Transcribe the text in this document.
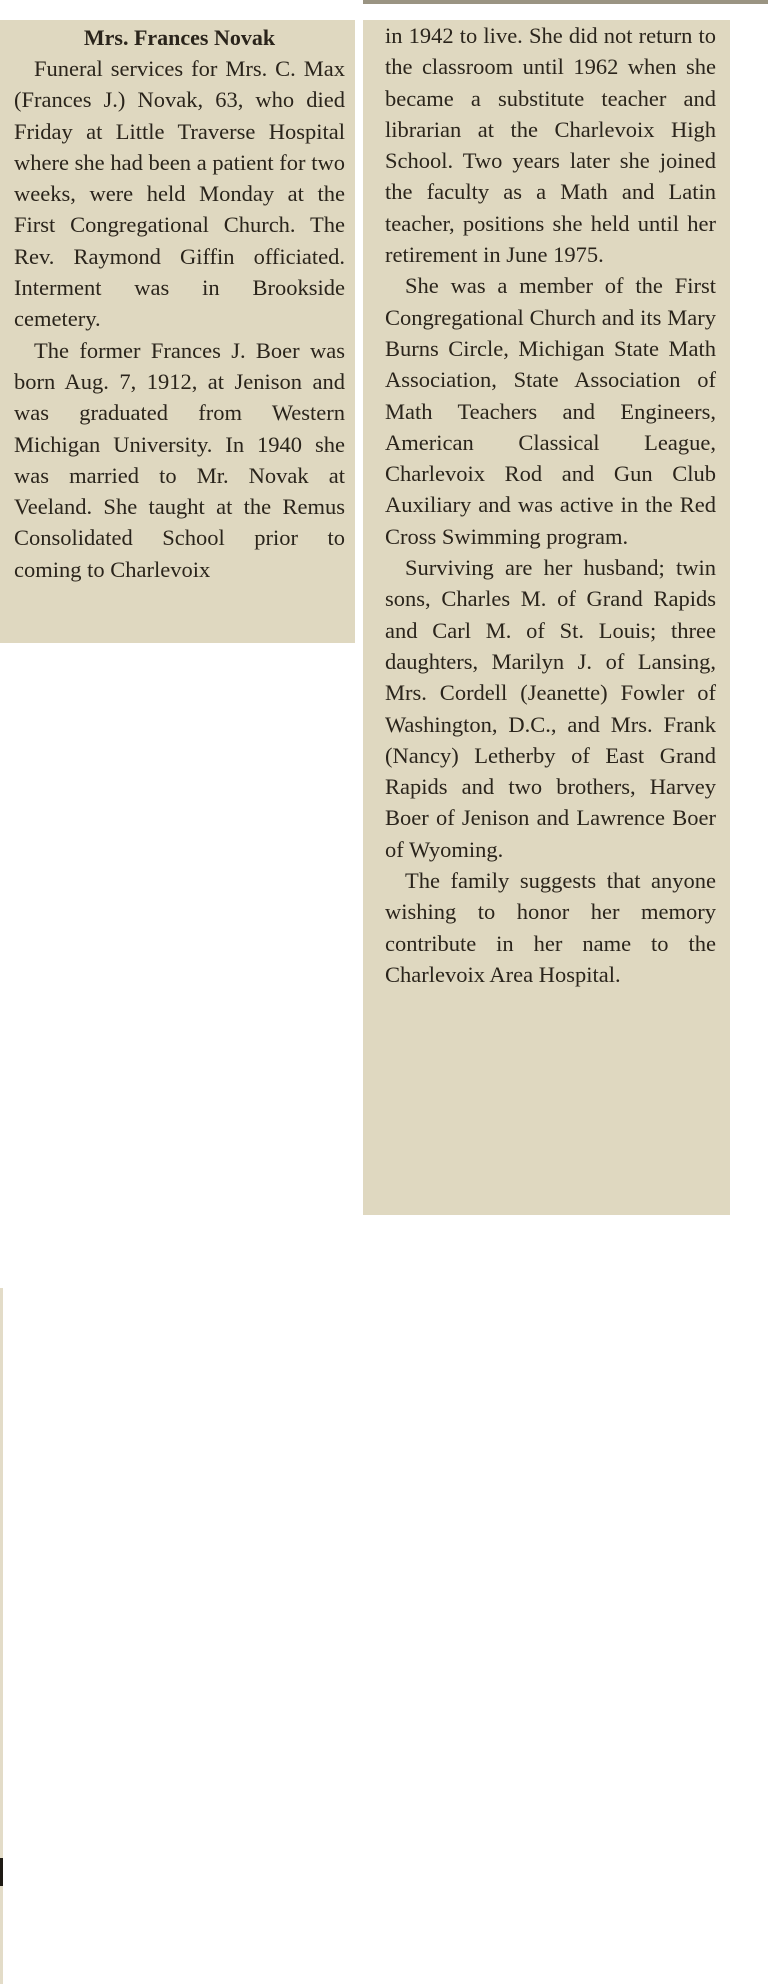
Mrs. Frances Novak

Funeral services for Mrs. C. Max (Frances J.) Novak, 63, who died Friday at Little Traverse Hospital where she had been a patient for two weeks, were held Monday at the First Congregational Church. The Rev. Raymond Giffin officiated. Interment was in Brookside cemetery.

The former Frances J. Boer was born Aug. 7, 1912, at Jenison and was graduated from Western Michigan University. In 1940 she was married to Mr. Novak at Veeland. She taught at the Remus Consolidated School prior to coming to Charlevoix

in 1942 to live. She did not return to the classroom until 1962 when she became a substitute teacher and librarian at the Charlevoix High School. Two years later she joined the faculty as a Math and Latin teacher, positions she held until her retirement in June 1975.

She was a member of the First Congregational Church and its Mary Burns Circle, Michigan State Math Association, State Association of Math Teachers and Engineers, American Classical League, Charlevoix Rod and Gun Club Auxiliary and was active in the Red Cross Swimming program.

Surviving are her husband; twin sons, Charles M. of Grand Rapids and Carl M. of St. Louis; three daughters, Marilyn J. of Lansing, Mrs. Cordell (Jeanette) Fowler of Washington, D.C., and Mrs. Frank (Nancy) Letherby of East Grand Rapids and two brothers, Harvey Boer of Jenison and Lawrence Boer of Wyoming.

The family suggests that anyone wishing to honor her memory contribute in her name to the Charlevoix Area Hospital.
